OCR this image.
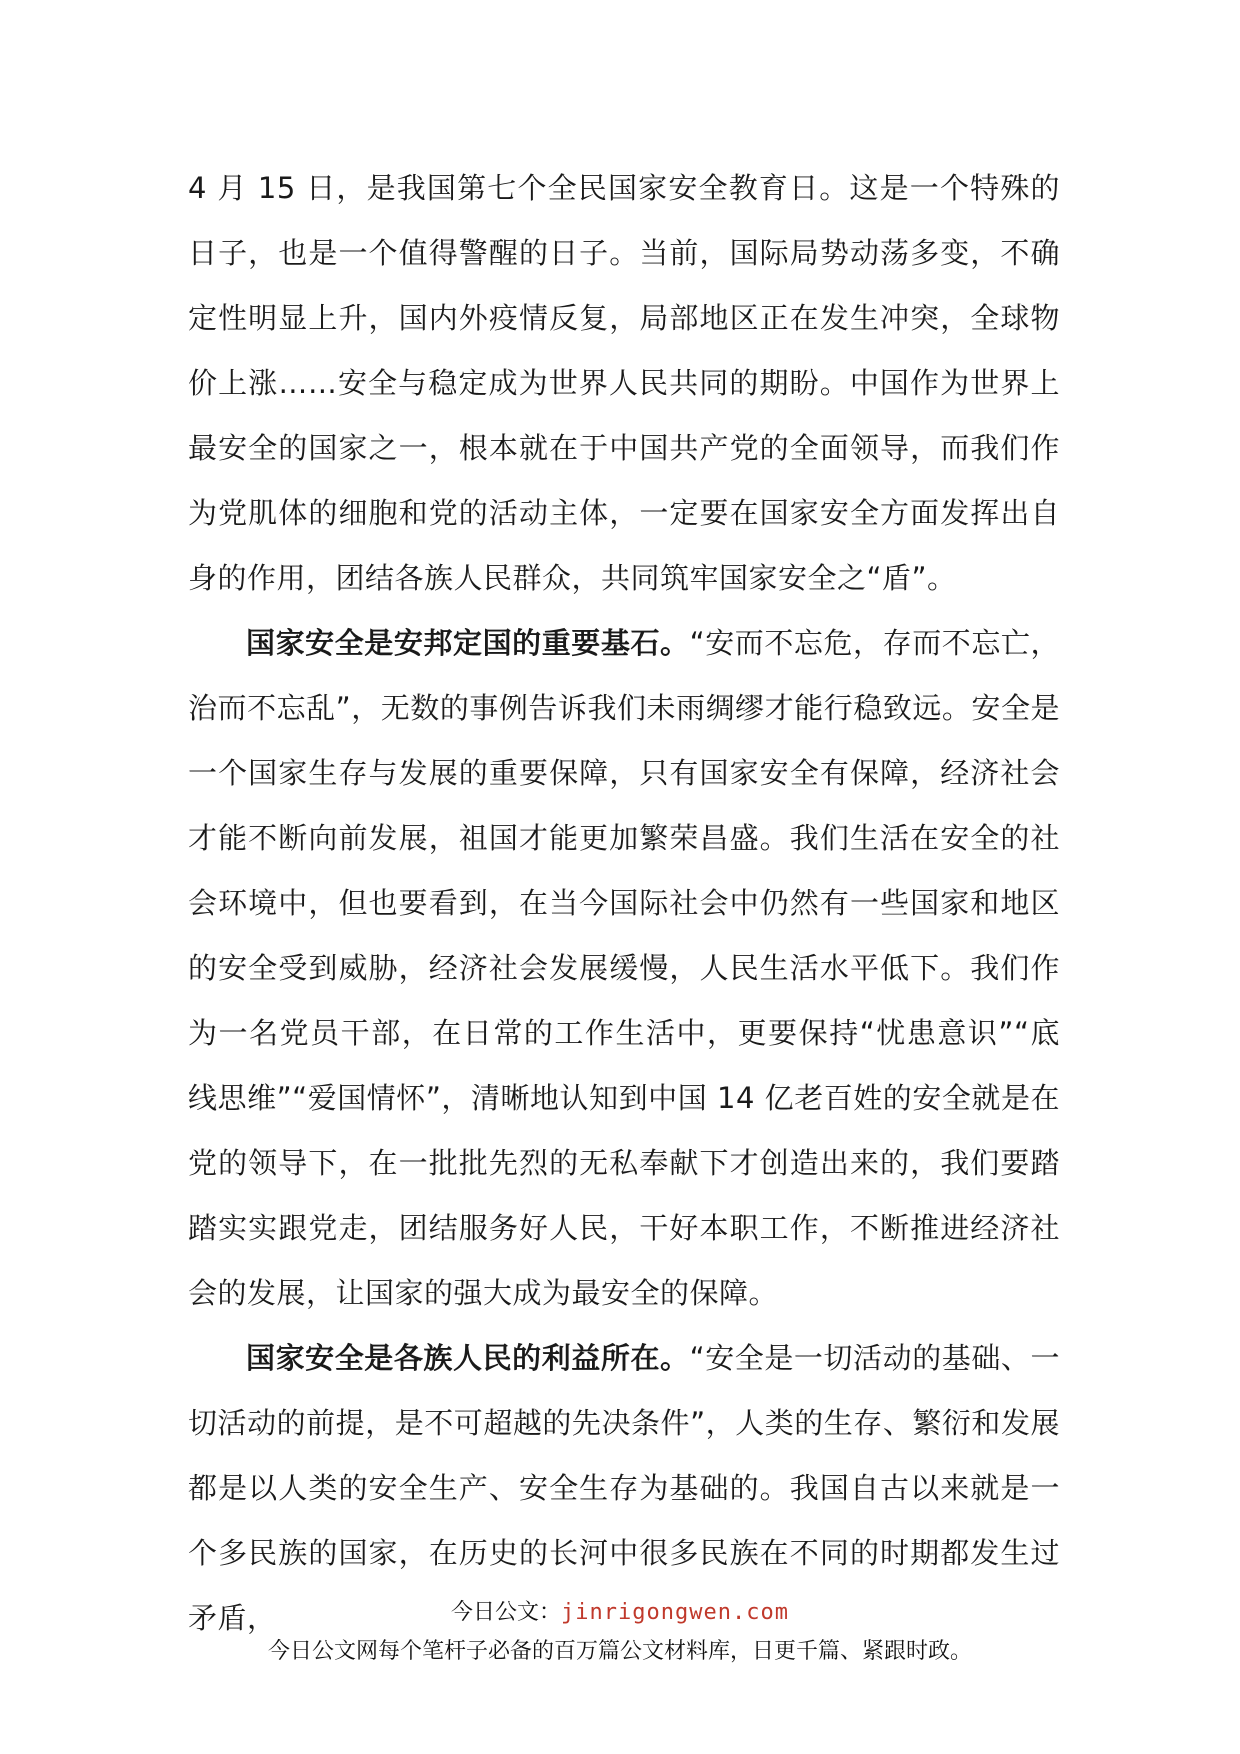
4 月 15 日，是我国第七个全民国家安全教育日。这是一个特殊的日子，也是一个值得警醒的日子。当前，国际局势动荡多变，不确定性明显上升，国内外疫情反复，局部地区正在发生冲突，全球物价上涨……安全与稳定成为世界人民共同的期盼。中国作为世界上最安全的国家之一，根本就在于中国共产党的全面领导，而我们作为党肌体的细胞和党的活动主体，一定要在国家安全方面发挥出自身的作用，团结各族人民群众，共同筑牢国家安全之“盾”。

国家安全是安邦定国的重要基石。“安而不忘危，存而不忘亡，治而不忘乱”，无数的事例告诉我们未雨绸缪才能行稳致远。安全是一个国家生存与发展的重要保障，只有国家安全有保障，经济社会才能不断向前发展，祖国才能更加繁荣昌盛。我们生活在安全的社会环境中，但也要看到，在当今国际社会中仍然有一些国家和地区的安全受到威胁，经济社会发展缓慢，人民生活水平低下。我们作为一名党员干部，在日常的工作生活中，更要保持“忧患意识”“底线思维”“爱国情怀”，清晰地认知到中国 14 亿老百姓的安全就是在党的领导下，在一批批先烈的无私奉献下才创造出来的，我们要踏踏实实跟党走，团结服务好人民，干好本职工作，不断推进经济社会的发展，让国家的强大成为最安全的保障。

国家安全是各族人民的利益所在。“安全是一切活动的基础、一切活动的前提，是不可超越的先决条件”，人类的生存、繁衍和发展都是以人类的安全生产、安全生存为基础的。我国自古以来就是一个多民族的国家，在历史的长河中很多民族在不同的时期都发生过矛盾，	今日公文：jinrigongwen.com
今日公文网每个笔杆子必备的百万篇公文材料库，日更千篇、紧跟时政。
